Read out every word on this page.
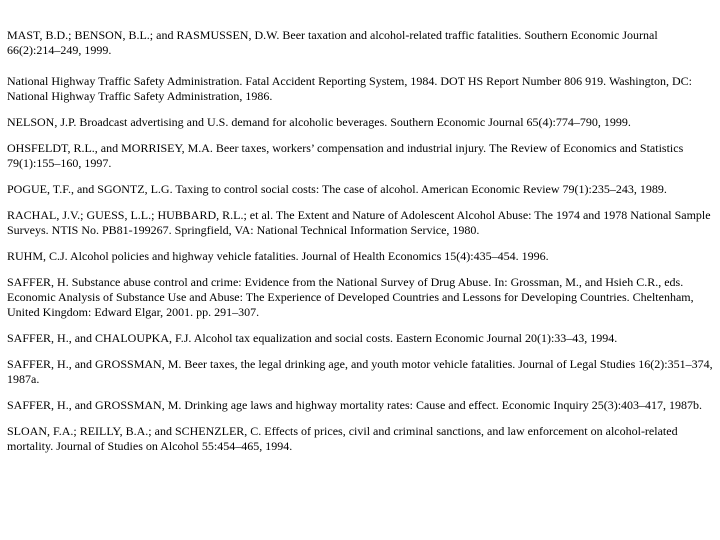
MAST, B.D.; BENSON, B.L.; and RASMUSSEN, D.W. Beer taxation and alcohol-related traffic fatalities. Southern Economic Journal 66(2):214–249, 1999.

National Highway Traffic Safety Administration. Fatal Accident Reporting System, 1984. DOT HS Report Number 806 919. Washington, DC: National Highway Traffic Safety Administration, 1986.

NELSON, J.P. Broadcast advertising and U.S. demand for alcoholic beverages. Southern Economic Journal 65(4):774–790, 1999.

OHSFELDT, R.L., and MORRISEY, M.A. Beer taxes, workers’ compensation and industrial injury. The Review of Economics and Statistics 79(1):155–160, 1997.

POGUE, T.F., and SGONTZ, L.G. Taxing to control social costs: The case of alcohol. American Economic Review 79(1):235–243, 1989.

RACHAL, J.V.; GUESS, L.L.; HUBBARD, R.L.; et al. The Extent and Nature of Adolescent Alcohol Abuse: The 1974 and 1978 National Sample Surveys. NTIS No. PB81-199267. Springfield, VA: National Technical Information Service, 1980.

RUHM, C.J. Alcohol policies and highway vehicle fatalities. Journal of Health Economics 15(4):435–454. 1996.

SAFFER, H. Substance abuse control and crime: Evidence from the National Survey of Drug Abuse. In: Grossman, M., and Hsieh C.R., eds. Economic Analysis of Substance Use and Abuse: The Experience of Developed Countries and Lessons for Developing Countries. Cheltenham, United Kingdom: Edward Elgar, 2001. pp. 291–307.

SAFFER, H., and CHALOUPKA, F.J. Alcohol tax equalization and social costs. Eastern Economic Journal 20(1):33–43, 1994.

SAFFER, H., and GROSSMAN, M. Beer taxes, the legal drinking age, and youth motor vehicle fatalities. Journal of Legal Studies 16(2):351–374, 1987a.

SAFFER, H., and GROSSMAN, M. Drinking age laws and highway mortality rates: Cause and effect. Economic Inquiry 25(3):403–417, 1987b.

SLOAN, F.A.; REILLY, B.A.; and SCHENZLER, C. Effects of prices, civil and criminal sanctions, and law enforcement on alcohol-related mortality. Journal of Studies on Alcohol 55:454–465, 1994.
